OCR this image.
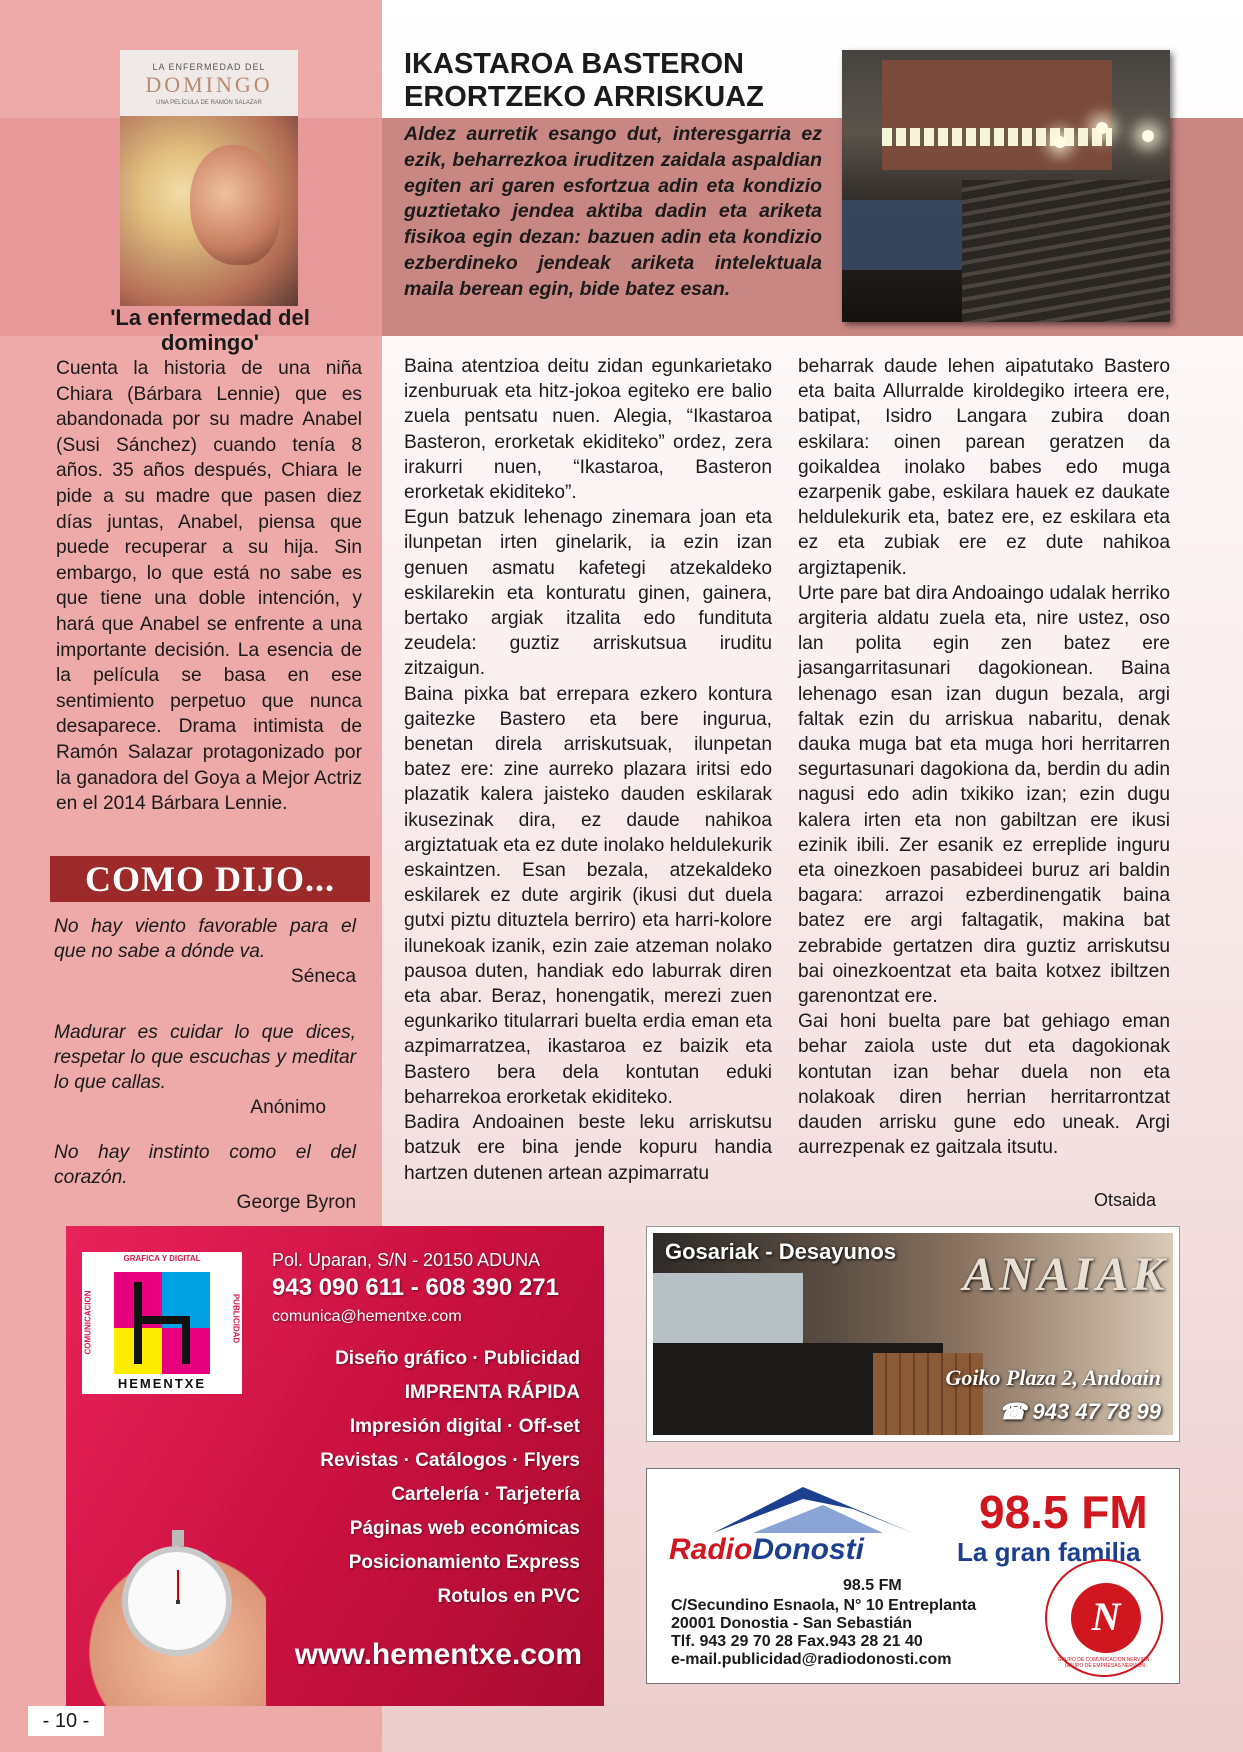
LA ENFERMEDAD DEL
DOMINGO
UNA PELÍCULA DE RAMÓN SALAZAR
'La enfermedad del domingo'
Cuenta la historia de una niña Chiara (Bárbara Lennie) que es abandonada por su madre Anabel (Susi Sánchez) cuando tenía 8 años. 35 años después, Chiara le pide a su madre que pasen diez días juntas, Anabel, piensa que puede recuperar a su hija. Sin embargo, lo que está no sabe es que tiene una doble intención, y hará que Anabel se enfrente a una importante decisión. La esencia de la película se basa en ese sentimiento perpetuo que nunca desaparece. Drama intimista de Ramón Salazar protagonizado por la ganadora del Goya a Mejor Actriz en el 2014 Bárbara Lennie.
COMO DIJO...
No hay viento favorable para el que no sabe a dónde va.
Séneca
Madurar es cuidar lo que dices, respetar lo que escuchas y meditar lo que callas.
Anónimo
No hay instinto como el del corazón.
George Byron
IKASTAROA BASTERON
ERORTZEKO ARRISKUAZ
Aldez aurretik esango dut, interesgarria ez ezik, beharrezkoa iruditzen zaidala aspaldian egiten ari garen esfortzua adin eta kondizio guztietako jendea aktiba dadin eta ariketa fisikoa egin dezan: bazuen adin eta kondizio ezberdineko jendeak ariketa intelektuala maila berean egin, bide batez esan.
Baina atentzioa deitu zidan egunkarietako izenburuak eta hitz-jokoa egiteko ere balio zuela pentsatu nuen. Alegia, “Ikastaroa Basteron, erorketak ekiditeko” ordez, zera irakurri nuen, “Ikastaroa, Basteron erorketak ekiditeko”.
Egun batzuk lehenago zinemara joan eta ilunpetan irten ginelarik, ia ezin izan genuen asmatu kafetegi atzekaldeko eskilarekin eta konturatu ginen, gainera, bertako argiak itzalita edo fundituta zeudela: guztiz arriskutsua iruditu zitzaigun.
Baina pixka bat errepara ezkero kontura gaitezke Bastero eta bere ingurua, benetan direla arriskutsuak, ilunpetan batez ere: zine aurreko plazara iritsi edo plazatik kalera jaisteko dauden eskilarak ikusezinak dira, ez daude nahikoa argiztatuak eta ez dute inolako heldulekurik eskaintzen. Esan bezala, atzekaldeko eskilarek ez dute argirik (ikusi dut duela gutxi piztu dituztela berriro) eta harri-kolore ilunekoak izanik, ezin zaie atzeman nolako pausoa duten, handiak edo laburrak diren eta abar. Beraz, honengatik, merezi zuen egunkariko titularrari buelta erdia eman eta azpimarratzea, ikastaroa ez baizik eta Bastero bera dela kontutan eduki beharrekoa erorketak ekiditeko.
Badira Andoainen beste leku arriskutsu batzuk ere bina jende kopuru handia hartzen dutenen artean azpimarratu
beharrak daude lehen aipatutako Bastero eta baita Allurralde kiroldegiko irteera ere, batipat, Isidro Langara zubira doan eskilara: oinen parean geratzen da goikaldea inolako babes edo muga ezarpenik gabe, eskilara hauek ez daukate heldulekurik eta, batez ere, ez eskilara eta ez eta zubiak ere ez dute nahikoa argiztapenik.
Urte pare bat dira Andoaingo udalak herriko argiteria aldatu zuela eta, nire ustez, oso lan polita egin zen batez ere jasangarritasunari dagokionean. Baina lehenago esan izan dugun bezala, argi faltak ezin du arriskua nabaritu, denak dauka muga bat eta muga hori herritarren segurtasunari dagokiona da, berdin du adin nagusi edo adin txikiko izan; ezin dugu kalera irten eta non gabiltzan ere ikusi ezinik ibili. Zer esanik ez erreplide inguru eta oinezkoen pasabideei buruz ari baldin bagara: arrazoi ezberdinengatik baina batez ere argi faltagatik, makina bat zebrabide gertatzen dira guztiz arriskutsu bai oinezkoentzat eta baita kotxez ibiltzen garenontzat ere.
Gai honi buelta pare bat gehiago eman behar zaiola uste dut eta dagokionak kontutan izan behar duela non eta nolakoak diren herrian herritarrontzat dauden arrisku gune edo uneak. Argi aurrezpenak ez gaitzala itsutu.
Otsaida
GRAFICA Y DIGITAL
COMUNICACION	PUBLICIDAD
HEMENTXE
Pol. Uparan, S/N - 20150 ADUNA
943 090 611 - 608 390 271
comunica@hementxe.com
Diseño gráfico · Publicidad
IMPRENTA RÁPIDA
Impresión digital · Off-set
Revistas · Catálogos · Flyers
Cartelería · Tarjetería
Páginas web económicas
Posicionamiento Express
Rotulos en PVC
www.hementxe.com
Gosariak - Desayunos ANAIAK
Goiko Plaza 2, Andoain
☎ 943 47 78 99
RadioDonosti
98.5 FM
La gran familia
98.5 FM
C/Secundino Esnaola, N° 10 Entreplanta
20001 Donostia - San Sebastián
Tlf. 943 29 70 28 Fax.943 28 21 40
e-mail.publicidad@radiodonosti.com
N
GRUPO DE COMUNICACION NERVION · GRUPO DE EMPRESAS NERVION
- 10 -
